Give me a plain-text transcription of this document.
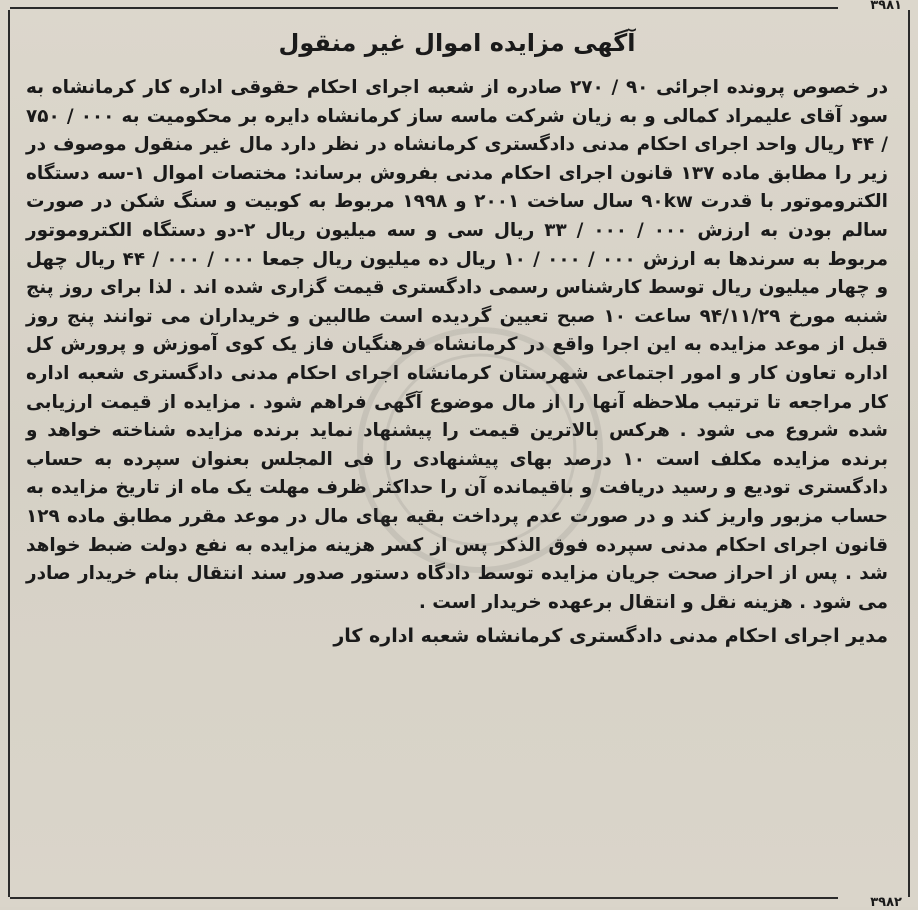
۳۹۸۱
آگهی مزایده اموال غیر منقول

در خصوص پرونده اجرائی ۹۰ / ۲۷۰ صادره از شعبه اجرای احکام حقوقی اداره کار کرمانشاه به سود آقای علیمراد کمالی و به زیان شرکت ماسه ساز کرمانشاه دایره بر محکومیت به ۰۰۰ / ۷۵۰ / ۴۴ ریال واحد اجرای احکام مدنی دادگستری کرمانشاه در نظر دارد مال غیر منقول موصوف در زیر را مطابق ماده ۱۳۷ قانون اجرای احکام مدنی بفروش برساند: مختصات اموال ۱-سه دستگاه الکتروموتور با قدرت ۹۰kw سال ساخت ۲۰۰۱ و ۱۹۹۸ مربوط به کوبیت و سنگ شکن در صورت سالم بودن به ارزش ۰۰۰ / ۰۰۰ / ۳۳ ریال سی و سه میلیون ریال ۲-دو دستگاه الکتروموتور مربوط به سرندها به ارزش ۰۰۰ / ۰۰۰ / ۱۰ ریال ده میلیون ریال جمعا ۰۰۰ / ۰۰۰ / ۴۴ ریال چهل و چهار میلیون ریال توسط کارشناس رسمی دادگستری قیمت گزاری شده اند . لذا برای روز پنج شنبه مورخ ۹۴/۱۱/۲۹ ساعت ۱۰ صبح تعیین گردیده است طالبین و خریداران می توانند پنج روز قبل از موعد مزایده به این اجرا واقع در کرمانشاه فرهنگیان فاز یک کوی آموزش و پرورش کل اداره تعاون کار و امور اجتماعی شهرستان کرمانشاه اجرای احکام مدنی دادگستری شعبه اداره کار مراجعه تا ترتیب ملاحظه آنها را از مال موضوع آگهی فراهم شود . مزایده از قیمت ارزیابی شده شروع می شود . هرکس بالاترین قیمت را پیشنهاد نماید برنده مزایده شناخته خواهد و برنده مزایده مکلف است ۱۰ درصد بهای پیشنهادی را فی المجلس بعنوان سپرده به حساب دادگستری تودیع و رسید دریافت و باقیمانده آن را حداکثر ظرف مهلت یک ماه از تاریخ مزایده به حساب مزبور واریز کند و در صورت عدم پرداخت بقیه بهای مال در موعد مقرر مطابق ماده ۱۲۹ قانون اجرای احکام مدنی سپرده فوق الذکر پس از کسر هزینه مزایده به نفع دولت ضبط خواهد شد . پس از احراز صحت جریان مزایده توسط دادگاه دستور صدور سند انتقال بنام خریدار صادر می شود . هزینه نقل و انتقال برعهده خریدار است .

مدیر اجرای احکام مدنی دادگستری کرمانشاه شعبه اداره کار
۳۹۸۲
